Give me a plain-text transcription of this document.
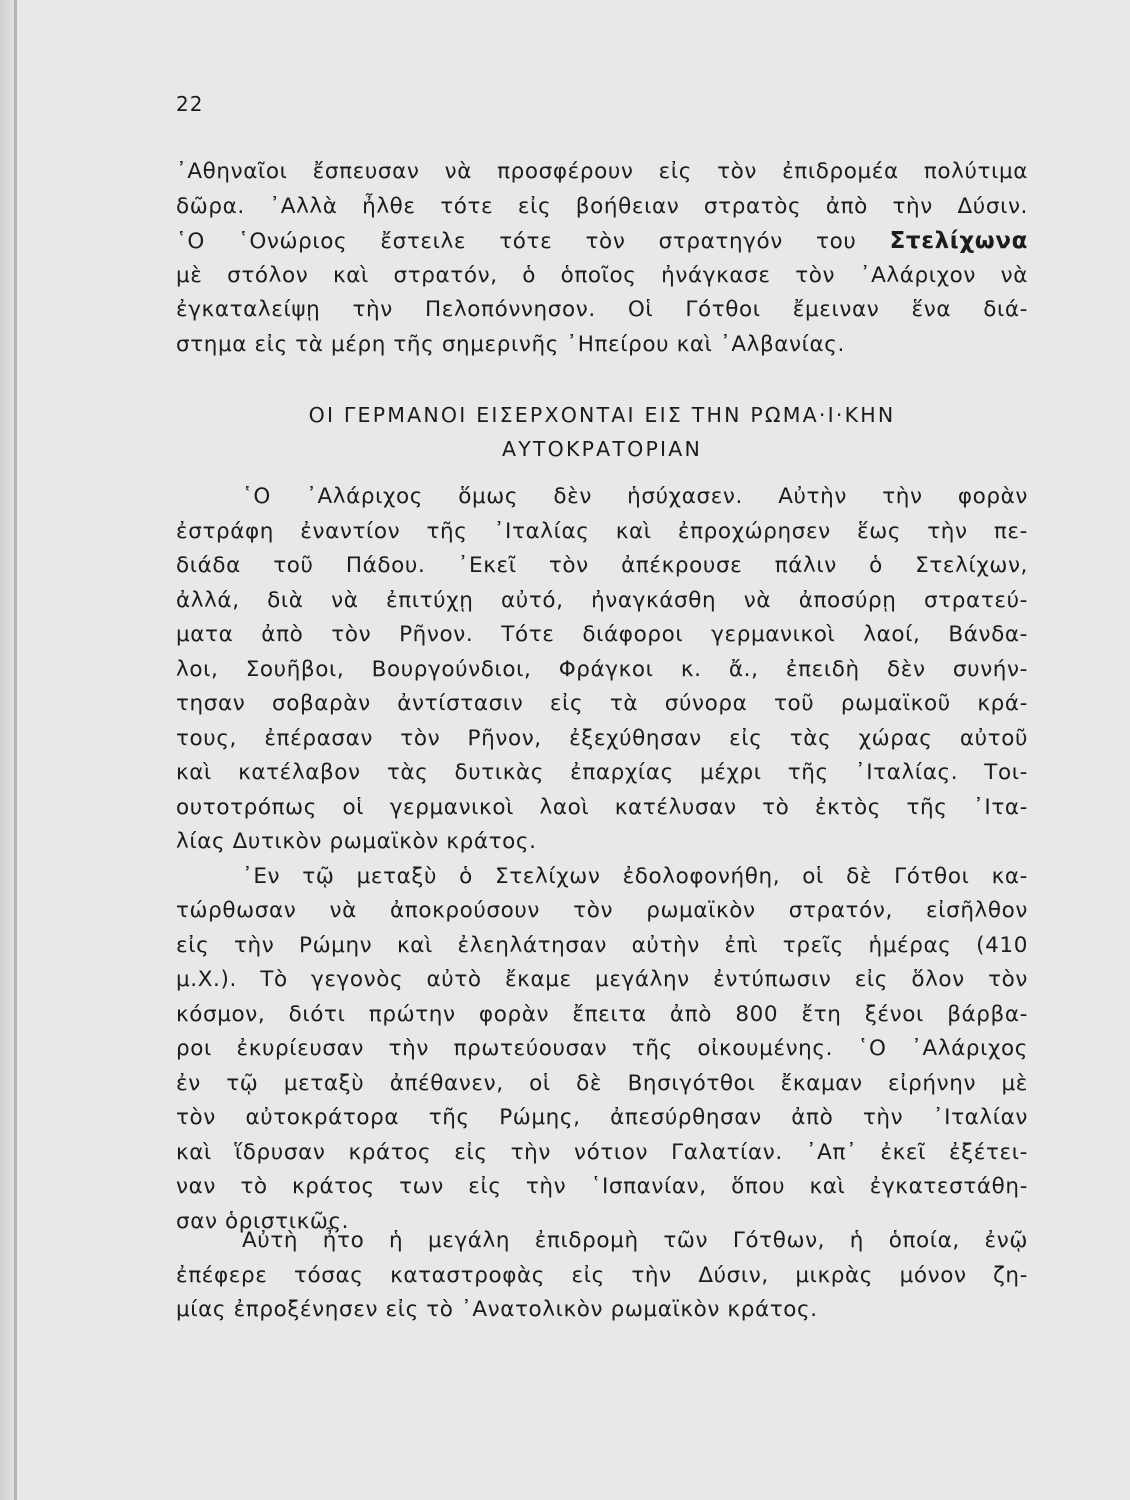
22
᾿Αθηναῖοι ἔσπευσαν νὰ προσφέρουν εἰς τὸν ἐπιδρομέα πολύτιμα
δῶρα. ᾿Αλλὰ ἦλθε τότε εἰς βοήθειαν στρατὸς ἀπὸ τὴν Δύσιν.
῾Ο ῾Ονώριος ἔστειλε τότε τὸν στρατηγόν του Στελίχωνα
μὲ στόλον καὶ στρατόν, ὁ ὁποῖος ἠνάγκασε τὸν ᾿Αλάριχον νὰ
ἐγκαταλείψῃ τὴν Πελοπόννησον. Οἱ Γότθοι ἔμειναν ἕνα διά-
στημα εἰς τὰ μέρη τῆς σημερινῆς ᾿Ηπείρου καὶ ᾿Αλβανίας.
ΟΙ ΓΕΡΜΑΝΟΙ ΕΙΣΕΡΧΟΝΤΑΙ ΕΙΣ ΤΗΝ ΡΩΜΑ·Ι·ΚΗΝ
ΑΥΤΟΚΡΑΤΟΡΙΑΝ
῾Ο ᾿Αλάριχος ὅμως δὲν ἡσύχασεν. Αὐτὴν τὴν φορὰν
ἐστράφη ἐναντίον τῆς ᾿Ιταλίας καὶ ἐπροχώρησεν ἕως τὴν πε-
διάδα τοῦ Πάδου. ᾿Εκεῖ τὸν ἀπέκρουσε πάλιν ὁ Στελίχων,
ἀλλά, διὰ νὰ ἐπιτύχῃ αὐτό, ἠναγκάσθη νὰ ἀποσύρῃ στρατεύ-
ματα ἀπὸ τὸν Ρῆνον. Τότε διάφοροι γερμανικοὶ λαοί, Βάνδα-
λοι, Σουῆβοι, Βουργούνδιοι, Φράγκοι κ. ἄ., ἐπειδὴ δὲν συνήν-
τησαν σοβαρὰν ἀντίστασιν εἰς τὰ σύνορα τοῦ ρωμαϊκοῦ κρά-
τους, ἐπέρασαν τὸν Ρῆνον, ἐξεχύθησαν εἰς τὰς χώρας αὐτοῦ
καὶ κατέλαβον τὰς δυτικὰς ἐπαρχίας μέχρι τῆς ᾿Ιταλίας. Τοι-
ουτοτρόπως οἱ γερμανικοὶ λαοὶ κατέλυσαν τὸ ἐκτὸς τῆς ᾿Ιτα-
λίας Δυτικὸν ρωμαϊκὸν κράτος.
᾿Εν τῷ μεταξὺ ὁ Στελίχων ἐδολοφονήθη, οἱ δὲ Γότθοι κα-
τώρθωσαν νὰ ἀποκρούσουν τὸν ρωμαϊκὸν στρατόν, εἰσῆλθον
εἰς τὴν Ρώμην καὶ ἐλεηλάτησαν αὐτὴν ἐπὶ τρεῖς ἡμέρας (410
μ.Χ.). Τὸ γεγονὸς αὐτὸ ἔκαμε μεγάλην ἐντύπωσιν εἰς ὅλον τὸν
κόσμον, διότι πρώτην φορὰν ἔπειτα ἀπὸ 800 ἔτη ξένοι βάρβα-
ροι ἐκυρίευσαν τὴν πρωτεύουσαν τῆς οἰκουμένης. ῾Ο ᾿Αλάριχος
ἐν τῷ μεταξὺ ἀπέθανεν, οἱ δὲ Βησιγότθοι ἔκαμαν εἰρήνην μὲ
τὸν αὐτοκράτορα τῆς Ρώμης, ἀπεσύρθησαν ἀπὸ τὴν ᾿Ιταλίαν
καὶ ἵδρυσαν κράτος εἰς τὴν νότιον Γαλατίαν. ᾿Απ᾿ ἐκεῖ ἐξέτει-
ναν τὸ κράτος των εἰς τὴν ῾Ισπανίαν, ὅπου καὶ ἐγκατεστάθη-
σαν ὁριστικῶς.
Αὐτὴ ἦτο ἡ μεγάλη ἐπιδρομὴ τῶν Γότθων, ἡ ὁποία, ἐνῷ
ἐπέφερε τόσας καταστροφὰς εἰς τὴν Δύσιν, μικρὰς μόνον ζη-
μίας ἐπροξένησεν εἰς τὸ ᾿Ανατολικὸν ρωμαϊκὸν κράτος.
